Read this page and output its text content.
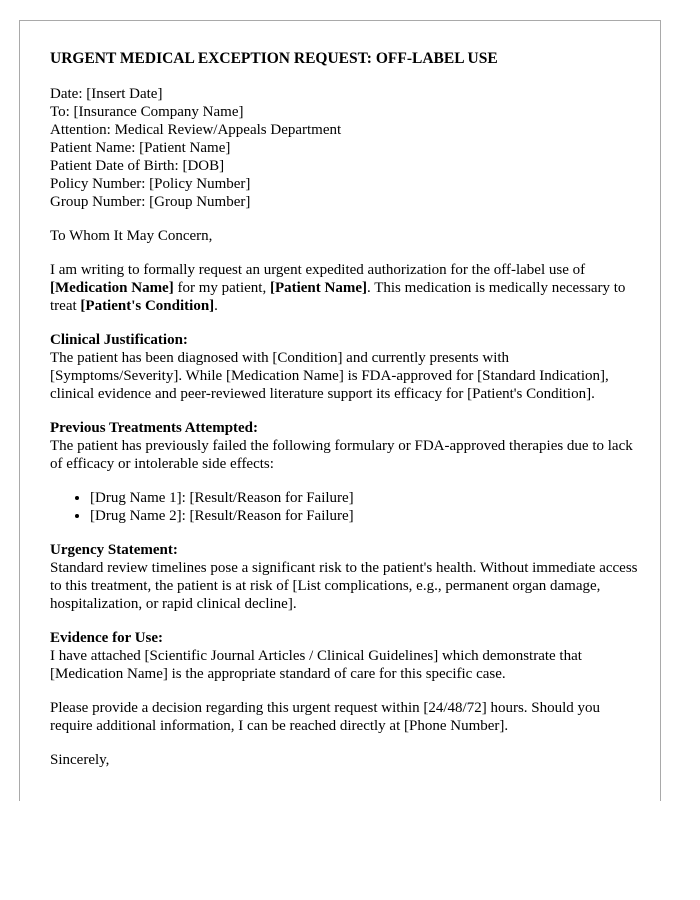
URGENT MEDICAL EXCEPTION REQUEST: OFF-LABEL USE
Date: [Insert Date]
To: [Insurance Company Name]
Attention: Medical Review/Appeals Department
Patient Name: [Patient Name]
Patient Date of Birth: [DOB]
Policy Number: [Policy Number]
Group Number: [Group Number]

To Whom It May Concern,

I am writing to formally request an urgent expedited authorization for the off-label use of [Medication Name] for my patient, [Patient Name]. This medication is medically necessary to treat [Patient's Condition].

Clinical Justification:

The patient has been diagnosed with [Condition] and currently presents with [Symptoms/Severity]. While [Medication Name] is FDA-approved for [Standard Indication], clinical evidence and peer-reviewed literature support its efficacy for [Patient's Condition].

Previous Treatments Attempted:

The patient has previously failed the following formulary or FDA-approved therapies due to lack of efficacy or intolerable side effects:

• [Drug Name 1]: [Result/Reason for Failure]
• [Drug Name 2]: [Result/Reason for Failure]
Urgency Statement:

Standard review timelines pose a significant risk to the patient's health. Without immediate access to this treatment, the patient is at risk of [List complications, e.g., permanent organ damage, hospitalization, or rapid clinical decline].

Evidence for Use:

I have attached [Scientific Journal Articles / Clinical Guidelines] which demonstrate that [Medication Name] is the appropriate standard of care for this specific case.

Please provide a decision regarding this urgent request within [24/48/72] hours. Should you require additional information, I can be reached directly at [Phone Number].

Sincerely,
